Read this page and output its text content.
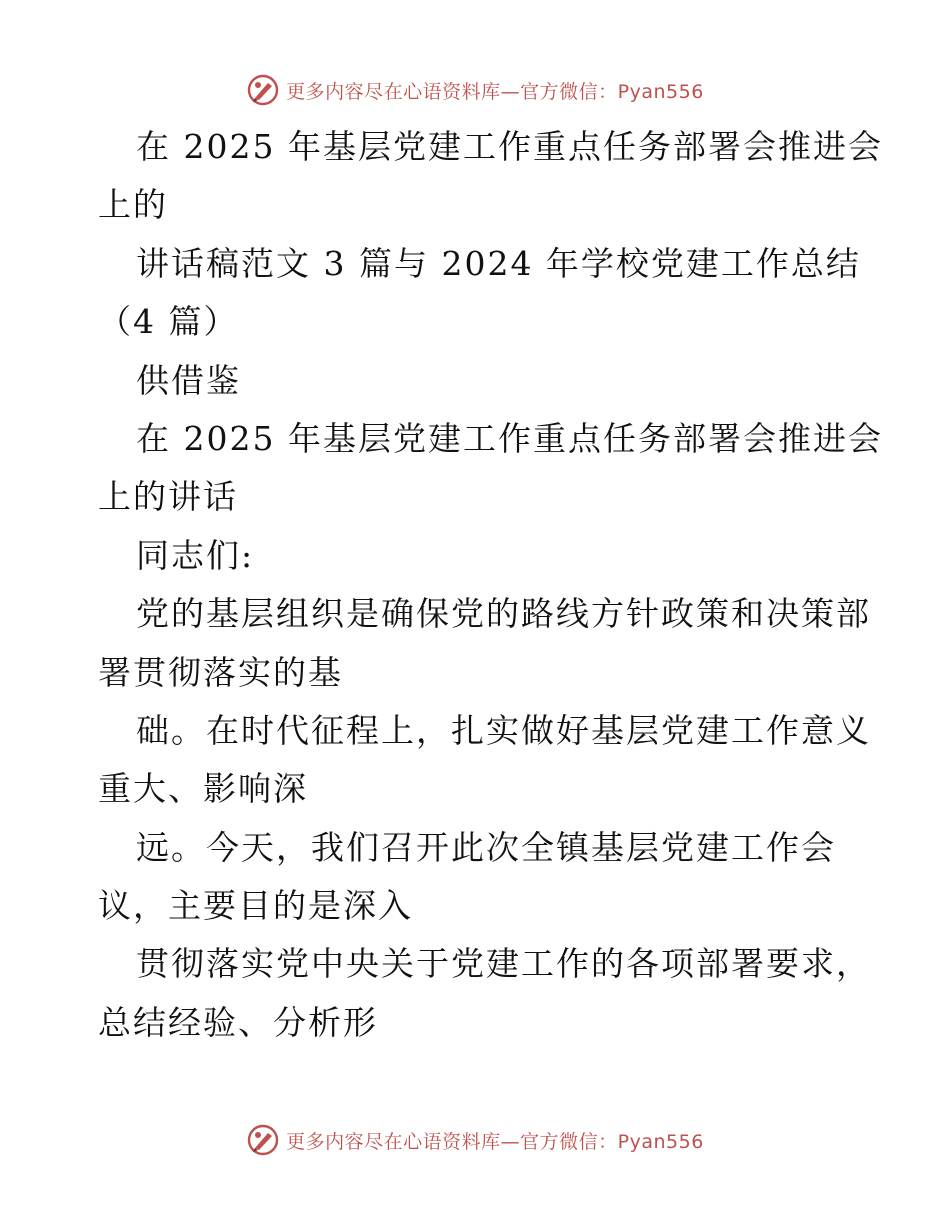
更多内容尽在心语资料库—官方微信：Pyan556
在 2025 年基层党建工作重点任务部署会推进会
上的
讲话稿范文 3 篇与 2024 年学校党建工作总结
（4 篇）
供借鉴
在 2025 年基层党建工作重点任务部署会推进会
上的讲话
同志们:
党的基层组织是确保党的路线方针政策和决策部
署贯彻落实的基
础。在时代征程上，扎实做好基层党建工作意义
重大、影响深
远。今天，我们召开此次全镇基层党建工作会
议，主要目的是深入
贯彻落实党中央关于党建工作的各项部署要求，
总结经验、分析形
更多内容尽在心语资料库—官方微信：Pyan556
